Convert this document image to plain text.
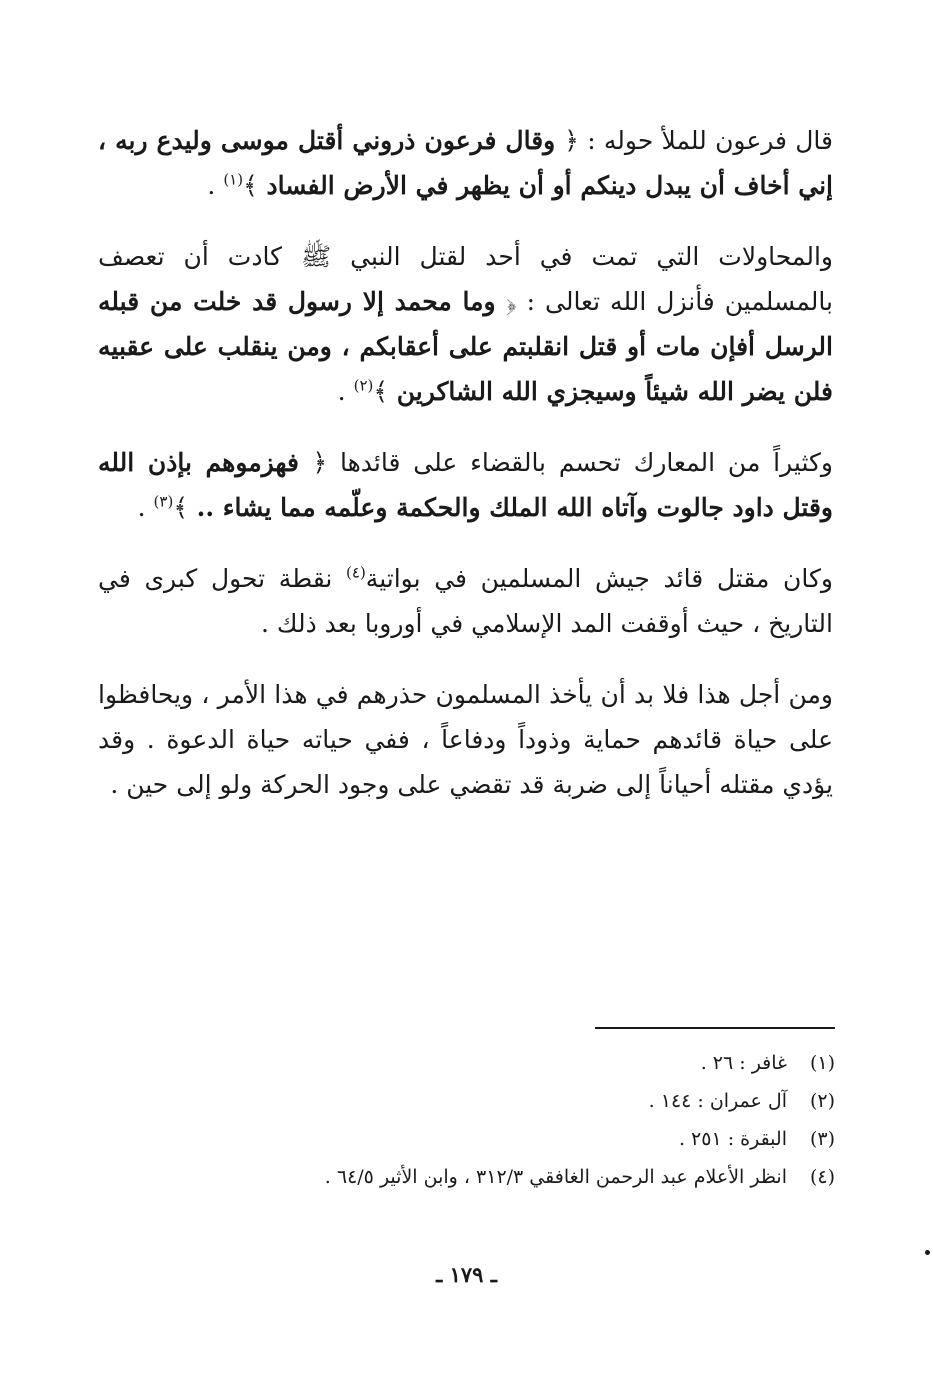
قال فرعون للملأ حوله : ﴿ وقال فرعون ذروني أقتل موسى وليدع ربه ، إني أخاف أن يبدل دينكم أو أن يظهر في الأرض الفساد ﴾$^{(١)}$ .

والمحاولات التي تمت في أحد لقتل النبي ﷺ كادت أن تعصف بالمسلمين فأنزل الله تعالى : ﴿ وما محمد إلا رسول قد خلت من قبله الرسل أفإن مات أو قتل انقلبتم على أعقابكم ، ومن ينقلب على عقبيه فلن يضر الله شيئاً وسيجزي الله الشاكرين ﴾$^{(٢)}$ .

وكثيراً من المعارك تحسم بالقضاء على قائدها ﴿ فهزموهم بإذن الله وقتل داود جالوت وآتاه الله الملك والحكمة وعلّمه مما يشاء .. ﴾$^{(٣)}$ .

وكان مقتل قائد جيش المسلمين في بواتية$^{(٤)}$ نقطة تحول كبرى في التاريخ ، حيث أوقفت المد الإسلامي في أوروبا بعد ذلك .

ومن أجل هذا فلا بد أن يأخذ المسلمون حذرهم في هذا الأمر ، ويحافظوا على حياة قائدهم حماية وذوداً ودفاعاً ، ففي حياته حياة الدعوة . وقد يؤدي مقتله أحياناً إلى ضربة قد تقضي على وجود الحركة ولو إلى حين .

(١)
غافر : ٢٦ .
(٢)
آل عمران : ١٤٤ .
(٣)
البقرة : ٢٥١ .
(٤)
انظر الأعلام عبد الرحمن الغافقي ٣١٢/٣ ، وابن الأثير ٦٤/٥ .
ـ ١٧٩ ـ
